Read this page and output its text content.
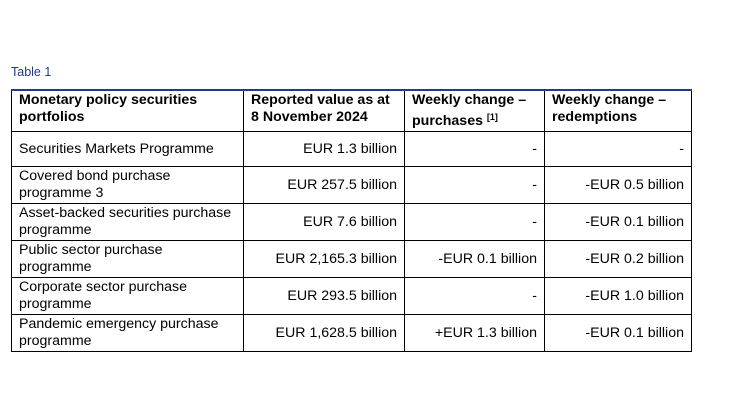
Table 1
Monetary policy securities portfolios	Reported value as at 8 November 2024	Weekly change – purchases [1]	Weekly change – redemptions
Securities Markets Programme	EUR 1.3 billion	-	-
Covered bond purchase programme 3	EUR 257.5 billion	-	-EUR 0.5 billion
Asset-backed securities purchase programme	EUR 7.6 billion	-	-EUR 0.1 billion
Public sector purchase programme	EUR 2,165.3 billion	-EUR 0.1 billion	-EUR 0.2 billion
Corporate sector purchase programme	EUR 293.5 billion	-	-EUR 1.0 billion
Pandemic emergency purchase programme	EUR 1,628.5 billion	+EUR 1.3 billion	-EUR 0.1 billion
